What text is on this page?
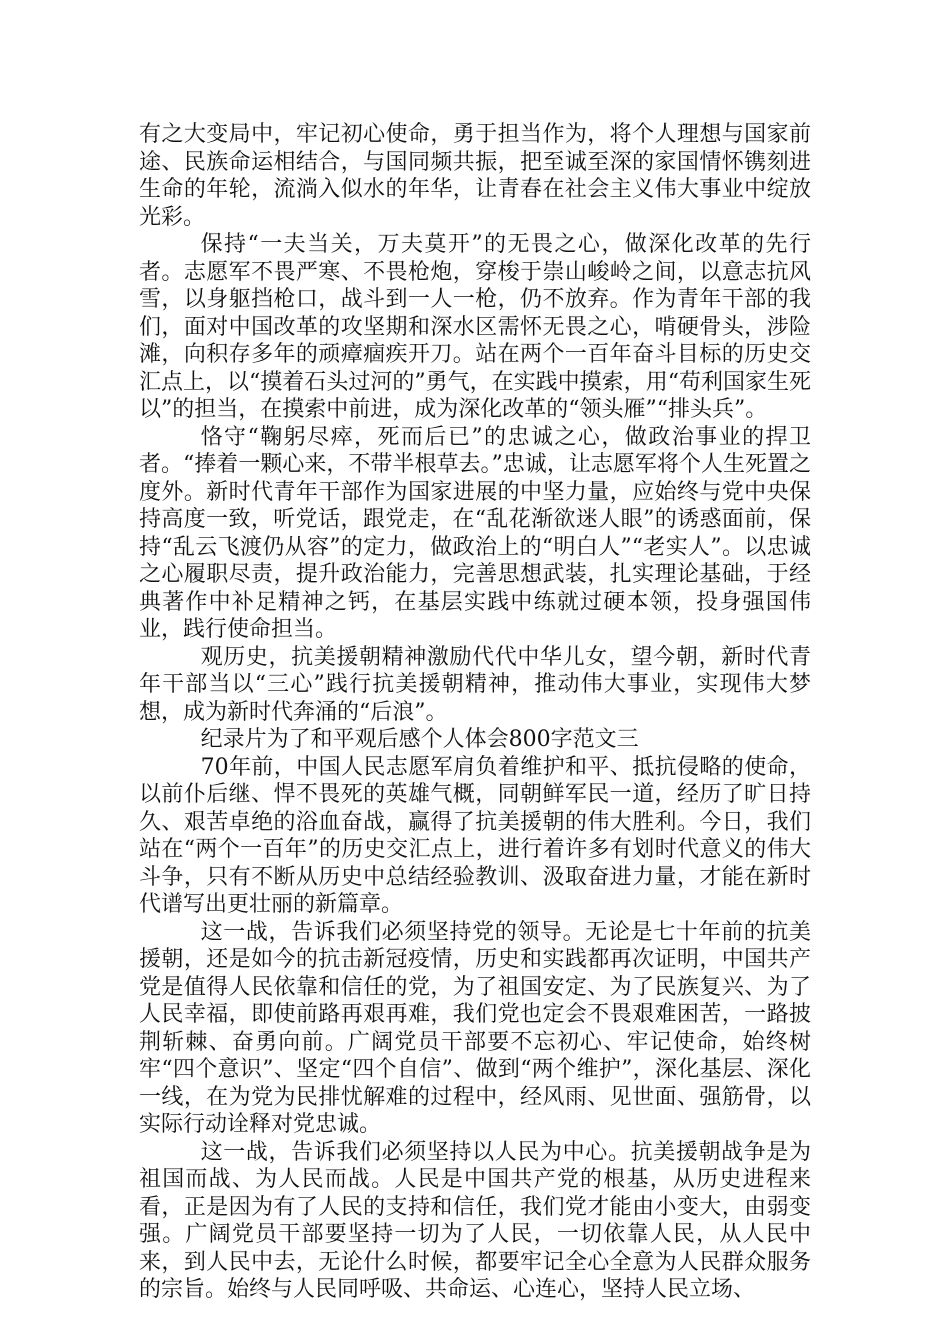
有之大变局中，牢记初心使命，勇于担当作为，将个人理想与国家前途、民族命运相结合，与国同频共振，把至诚至深的家国情怀镌刻进生命的年轮，流淌入似水的年华，让青春在社会主义伟大事业中绽放光彩。

保持“一夫当关，万夫莫开”的无畏之心，做深化改革的先行者。志愿军不畏严寒、不畏枪炮，穿梭于崇山峻岭之间，以意志抗风雪，以身躯挡枪口，战斗到一人一枪，仍不放弃。作为青年干部的我们，面对中国改革的攻坚期和深水区需怀无畏之心，啃硬骨头，涉险滩，向积存多年的顽瘴痼疾开刀。站在两个一百年奋斗目标的历史交汇点上，以“摸着石头过河的”勇气，在实践中摸索，用“苟利国家生死以”的担当，在摸索中前进，成为深化改革的“领头雁”“排头兵”。

恪守“鞠躬尽瘁，死而后已”的忠诚之心，做政治事业的捍卫者。“捧着一颗心来，不带半根草去。”忠诚，让志愿军将个人生死置之度外。新时代青年干部作为国家进展的中坚力量，应始终与党中央保持高度一致，听党话，跟党走，在“乱花渐欲迷人眼”的诱惑面前，保持“乱云飞渡仍从容”的定力，做政治上的“明白人”“老实人”。以忠诚之心履职尽责，提升政治能力，完善思想武装，扎实理论基础，于经典著作中补足精神之钙，在基层实践中练就过硬本领，投身强国伟业，践行使命担当。

观历史，抗美援朝精神激励代代中华儿女，望今朝，新时代青年干部当以“三心”践行抗美援朝精神，推动伟大事业，实现伟大梦想，成为新时代奔涌的“后浪”。

纪录片为了和平观后感个人体会800字范文三

70年前，中国人民志愿军肩负着维护和平、抵抗侵略的使命，以前仆后继、悍不畏死的英雄气概，同朝鲜军民一道，经历了旷日持久、艰苦卓绝的浴血奋战，赢得了抗美援朝的伟大胜利。今日，我们站在“两个一百年”的历史交汇点上，进行着许多有划时代意义的伟大斗争，只有不断从历史中总结经验教训、汲取奋进力量，才能在新时代谱写出更壮丽的新篇章。

这一战，告诉我们必须坚持党的领导。无论是七十年前的抗美援朝，还是如今的抗击新冠疫情，历史和实践都再次证明，中国共产党是值得人民依靠和信任的党，为了祖国安定、为了民族复兴、为了人民幸福，即使前路再艰再难，我们党也定会不畏艰难困苦，一路披荆斩棘、奋勇向前。广阔党员干部要不忘初心、牢记使命，始终树牢“四个意识”、坚定“四个自信”、做到“两个维护”，深化基层、深化一线，在为党为民排忧解难的过程中，经风雨、见世面、强筋骨，以实际行动诠释对党忠诚。

这一战，告诉我们必须坚持以人民为中心。抗美援朝战争是为祖国而战、为人民而战。人民是中国共产党的根基，从历史进程来看，正是因为有了人民的支持和信任，我们党才能由小变大，由弱变强。广阔党员干部要坚持一切为了人民，一切依靠人民，从人民中来，到人民中去，无论什么时候，都要牢记全心全意为人民群众服务的宗旨。始终与人民同呼吸、共命运、心连心，坚持人民立场、
